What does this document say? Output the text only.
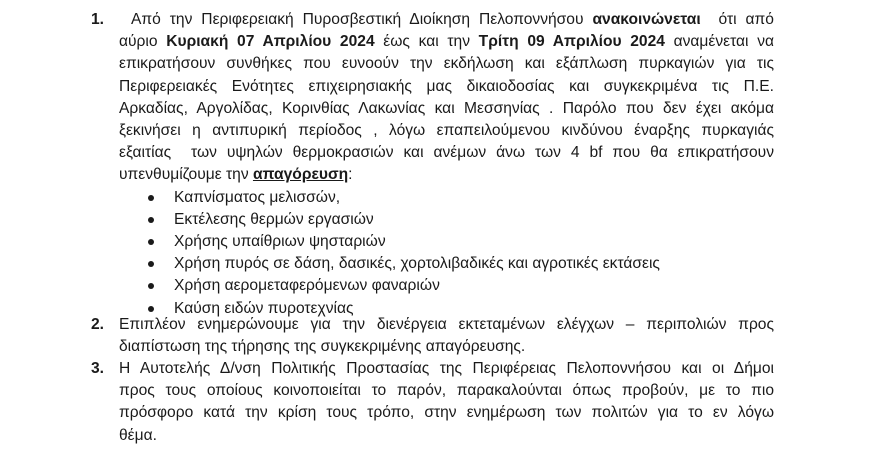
1.	Από την Περιφερειακή Πυροσβεστική Διοίκηση Πελοποννήσου ανακοινώνεται  ότι από
αύριο Κυριακή 07 Απριλίου 2024 έως και την Τρίτη 09 Απριλίου 2024 αναμένεται να
επικρατήσουν συνθήκες που ευνοούν την εκδήλωση και εξάπλωση πυρκαγιών για τις
Περιφερειακές Ενότητες επιχειρησιακής μας δικαιοδοσίας και συγκεκριμένα τις Π.Ε.
Αρκαδίας, Αργολίδας, Κορινθίας Λακωνίας και Μεσσηνίας . Παρόλο που δεν έχει ακόμα
ξεκινήσει η αντιπυρική περίοδος , λόγω επαπειλούμενου κινδύνου έναρξης πυρκαγιάς
εξαιτίας  των υψηλών θερμοκρασιών και ανέμων άνω των 4 bf που θα επικρατήσουν
υπενθυμίζουμε την απαγόρευση:
Καπνίσματος μελισσών,
Εκτέλεσης θερμών εργασιών
Χρήσης υπαίθριων ψησταριών
Χρήση πυρός σε δάση, δασικές, χορτολιβαδικές και αγροτικές εκτάσεις
Χρήση αερομεταφερόμενων φαναριών
Καύση ειδών πυροτεχνίας
2. Επιπλέον ενημερώνουμε για την διενέργεια εκτεταμένων ελέγχων – περιπολιών προς
διαπίστωση της τήρησης της συγκεκριμένης απαγόρευσης.
3. Η Αυτοτελής Δ/νση Πολιτικής Προστασίας της Περιφέρειας Πελοποννήσου και οι Δήμοι
προς τους οποίους κοινοποιείται το παρόν, παρακαλούνται όπως προβούν, με το πιο
πρόσφορο κατά την κρίση τους τρόπο, στην ενημέρωση των πολιτών για το εν λόγω
θέμα.
